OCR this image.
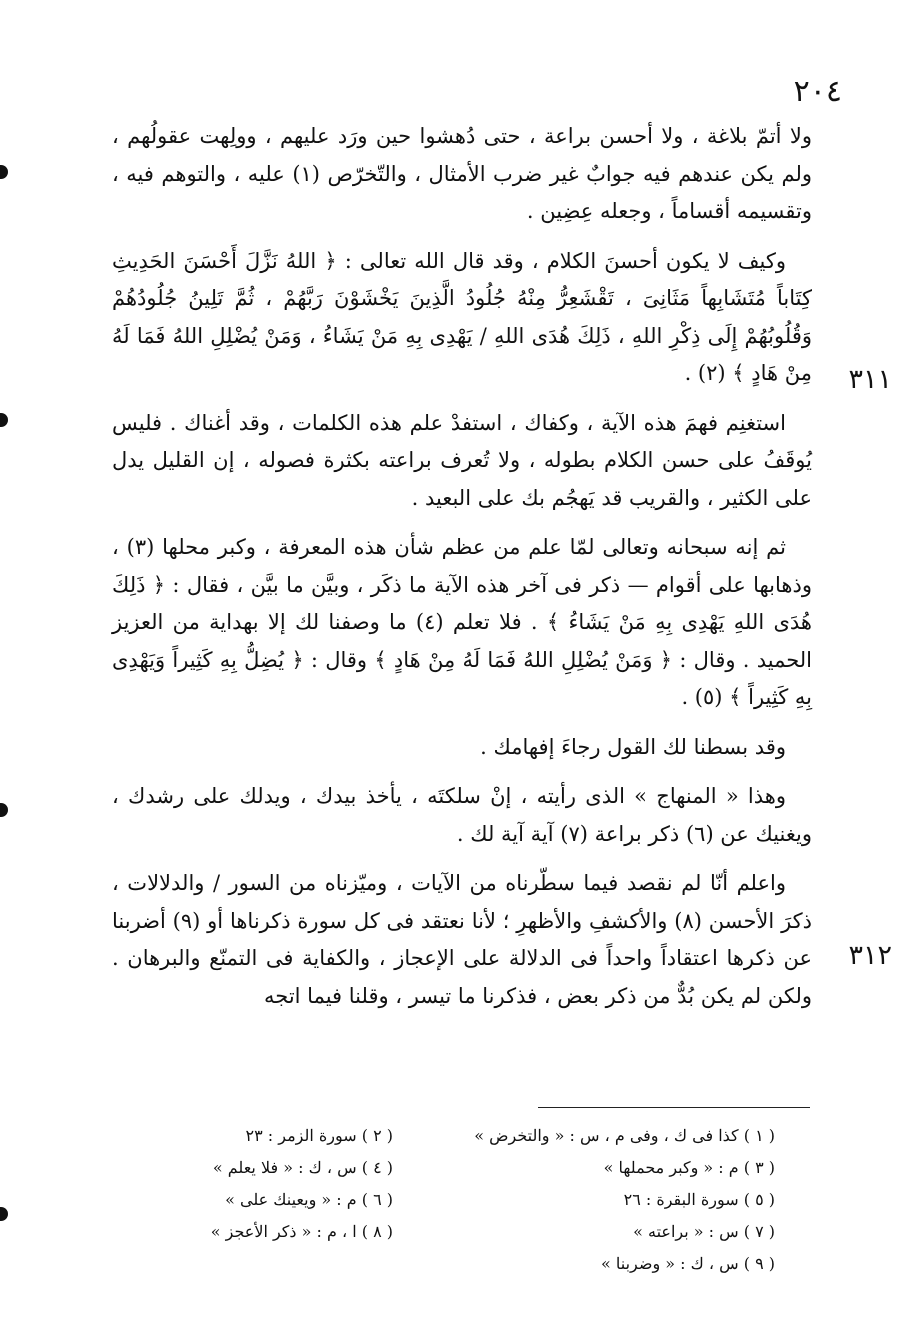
٢٠٤

ولا أتمّ بلاغة ، ولا أحسن براعة ، حتى دُهشوا حين ورَد عليهم ، وولِهت عقولُهم ، ولم يكن عندهم فيه جوابٌ غير ضرب الأمثال ، والتّخرّص (١) عليه ، والتوهم فيه ، وتقسيمه أقساماً ، وجعله عِضِين .

وكيف لا يكون أحسنَ الكلام ، وقد قال الله تعالى : ﴿ اللهُ نَزَّلَ أَحْسَنَ الحَدِيثِ كِتَاباً مُتَشَابِهاً مَثَانِىَ ، تَقْشَعِرُّ مِنْهُ جُلُودُ الَّذِينَ يَخْشَوْنَ رَبَّهُمْ ، ثُمَّ تَلِينُ جُلُودُهُمْ وَقُلُوبُهُمْ إِلَى ذِكْرِ اللهِ ، ذَلِكَ هُدَى اللهِ / يَهْدِى بِهِ مَنْ يَشَاءُ ، وَمَنْ يُضْلِلِ اللهُ فَمَا لَهُ مِنْ هَادٍ ﴾ (٢) .

استغنِم فهمَ هذه الآية ، وكفاك ، استفدْ علم هذه الكلمات ، وقد أغناك . فليس يُوقَفُ على حسن الكلام بطوله ، ولا تُعرف براعته بكثرة فصوله ، إن القليل يدل على الكثير ، والقريب قد يَهجُم بك على البعيد .

ثم إنه سبحانه وتعالى لمّا علم من عظم شأن هذه المعرفة ، وكبر محلها (٣) ، وذهابها على أقوام — ذكر فى آخر هذه الآية ما ذكَر ، وبيَّن ما بيَّن ، فقال : ﴿ ذَلِكَ هُدَى اللهِ يَهْدِى بِهِ مَنْ يَشَاءُ ﴾ . فلا تعلم (٤) ما وصفنا لك إلا بهداية من العزيز الحميد . وقال : ﴿ وَمَنْ يُضْلِلِ اللهُ فَمَا لَهُ مِنْ هَادٍ ﴾ وقال : ﴿ يُضِلُّ بِهِ كَثِيراً وَيَهْدِى بِهِ كَثِيراً ﴾ (٥) .

وقد بسطنا لك القول رجاءَ إفهامك .

وهذا « المنهاج » الذى رأيته ، إنْ سلكتَه ، يأخذ بيدك ، ويدلك على رشدك ، ويغنيك عن (٦) ذكر براعة (٧) آية آية لك .

واعلم أنّا لم نقصد فيما سطّرناه من الآيات ، وميّزناه من السور / والدلالات ، ذكرَ الأحسن (٨) والأكشفِ والأظهرِ ؛ لأنا نعتقد فى كل سورة ذكرناها أو (٩) أضربنا عن ذكرها اعتقاداً واحداً فى الدلالة على الإعجاز ، والكفاية فى التمنّع والبرهان . ولكن لم يكن بُدٌّ من ذكر بعض ، فذكرنا ما تيسر ، وقلنا فيما اتجه

٣١١
٣١٢
( ١ ) كذا فى ك ، وفى م ، س : « والتخرض »
( ٣ ) م : « وكبر محملها »
( ٥ ) سورة البقرة : ٢٦
( ٧ ) س : « براعته »
( ٩ ) س ، ك : « وضربنا »
( ٢ ) سورة الزمر : ٢٣
( ٤ ) س ، ك : « فلا يعلم »
( ٦ ) م : « ويعينك على »
( ٨ ) ا ، م : « ذكر الأعجز »
